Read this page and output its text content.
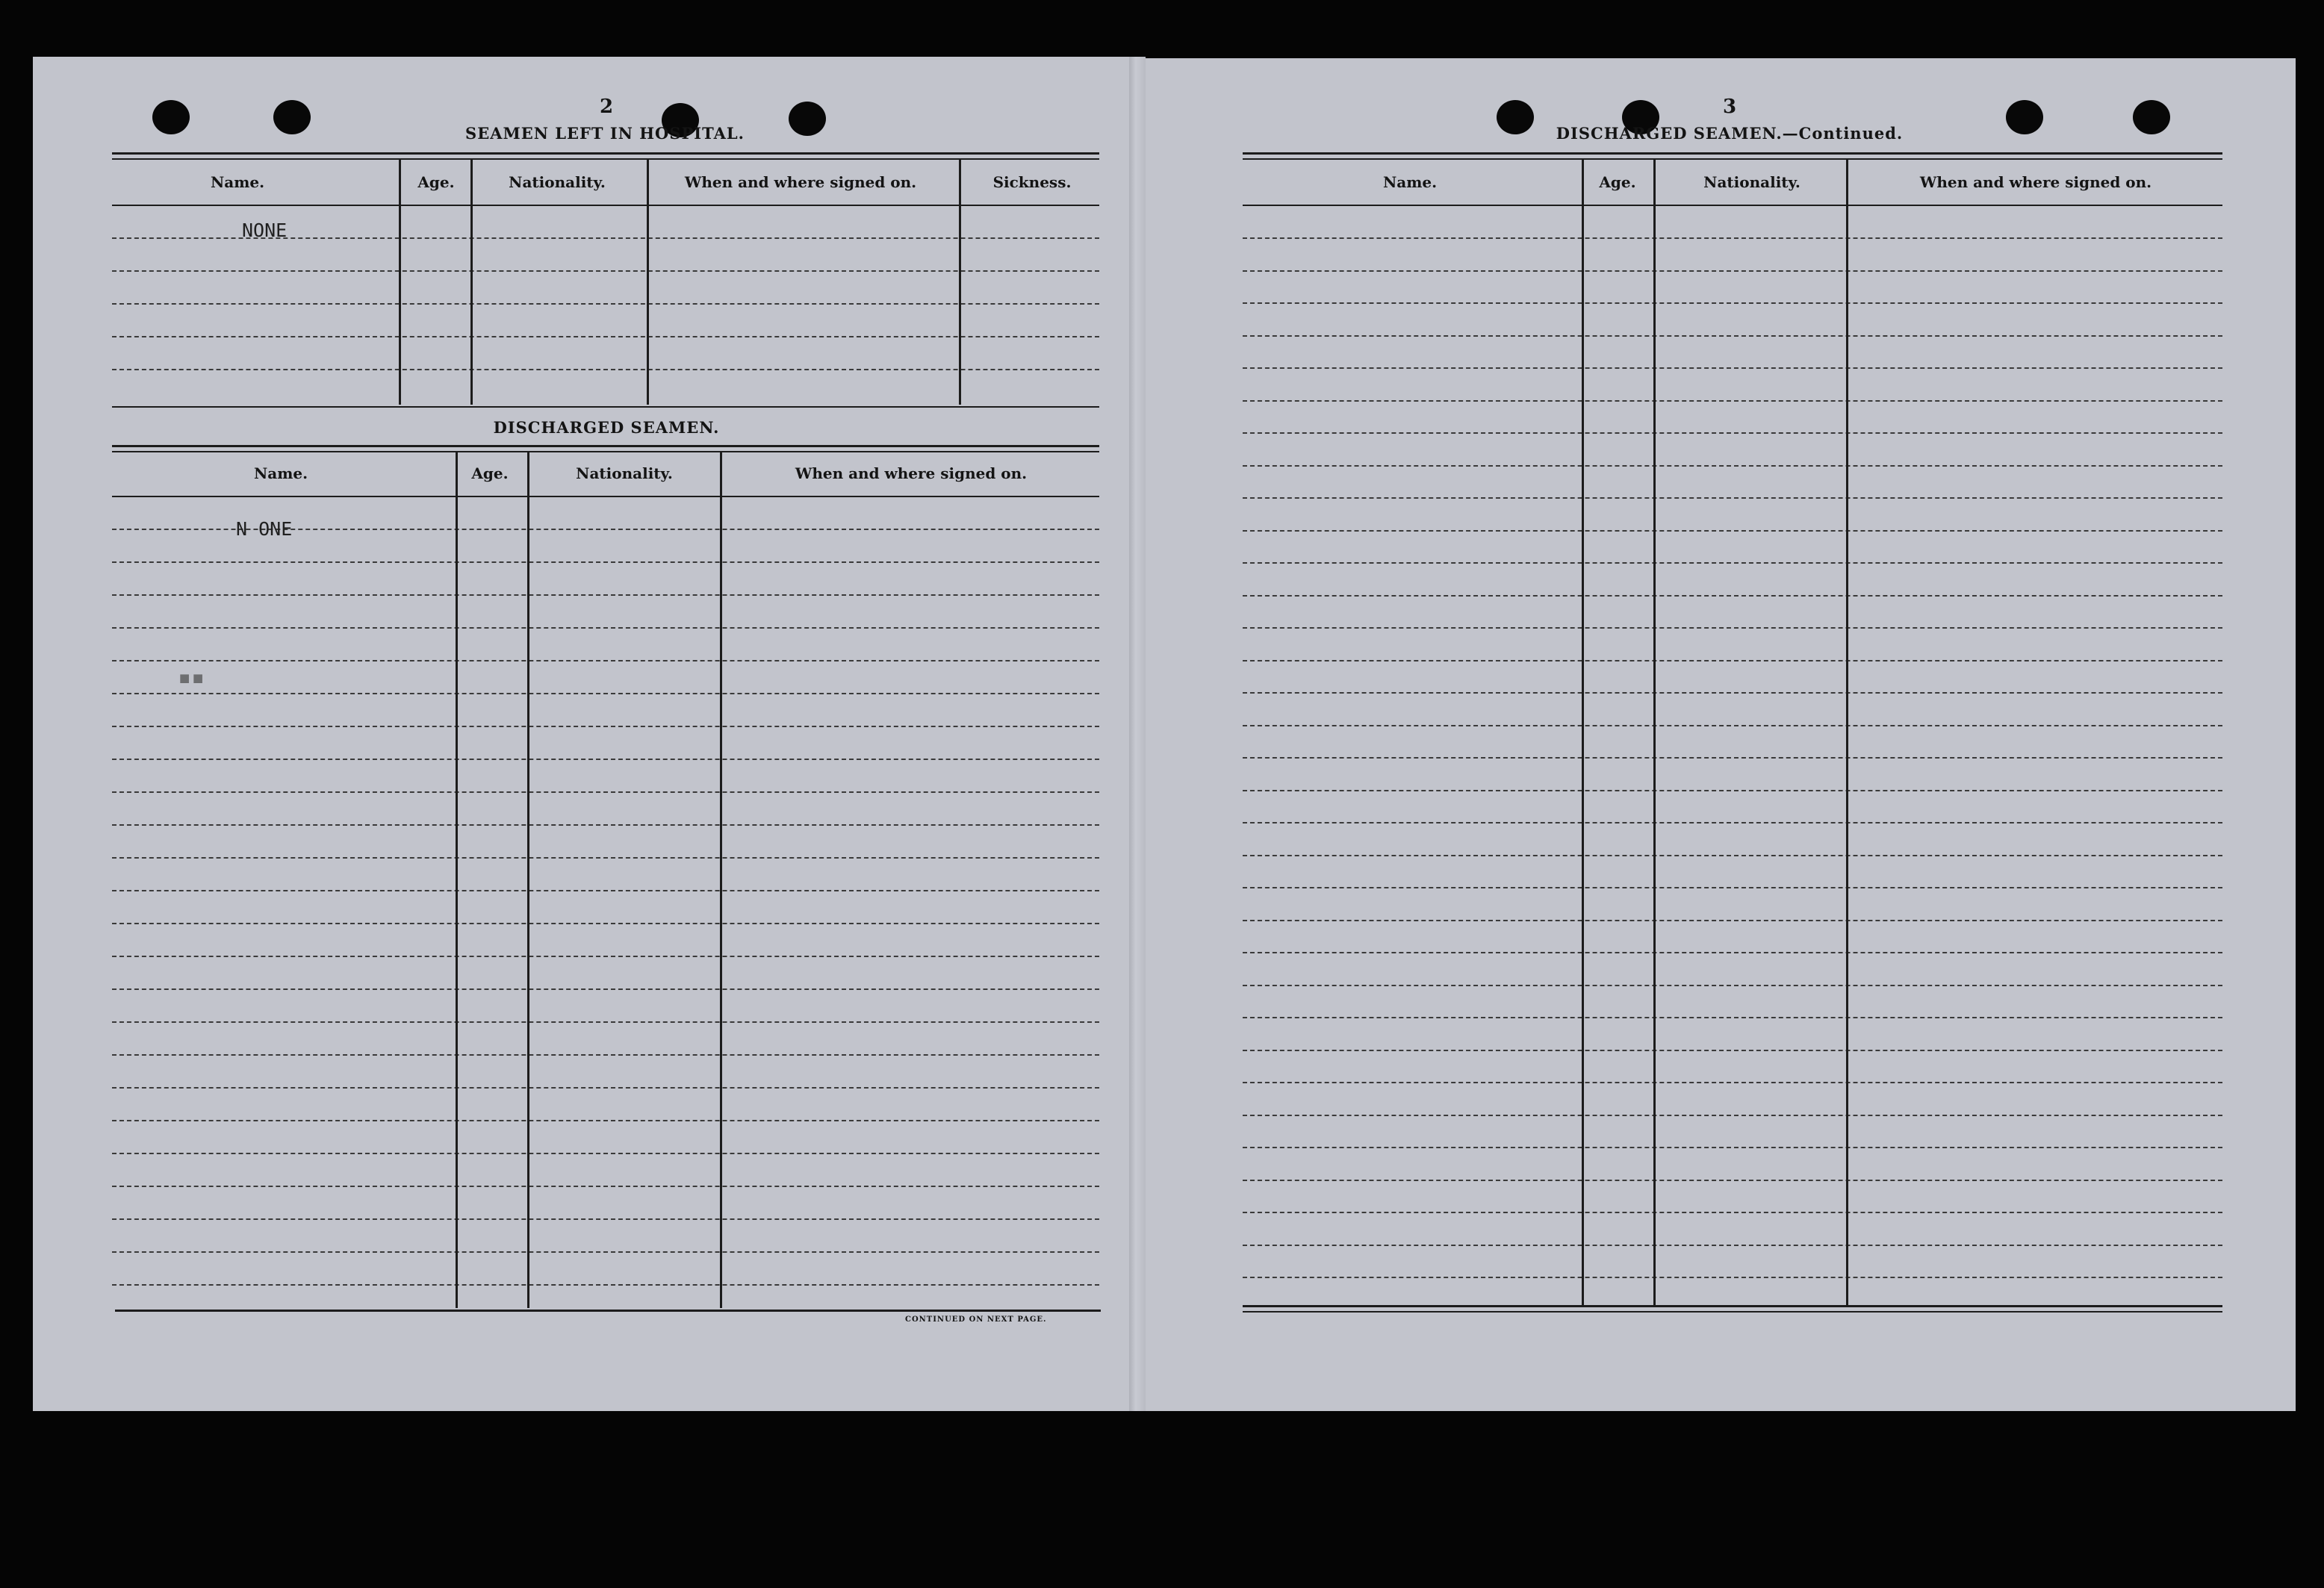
2
SEAMEN LEFT IN HOSPITAL.
Name.	Age.	Nationality.	When and where signed on.	Sickness.
NONE
DISCHARGED SEAMEN.
Name.	Age.	Nationality.	When and where signed on.
N ONE
▪▪
CONTINUED ON NEXT PAGE.
3
DISCHARGED SEAMEN.—Continued.
Name.	Age.	Nationality.	When and where signed on.
